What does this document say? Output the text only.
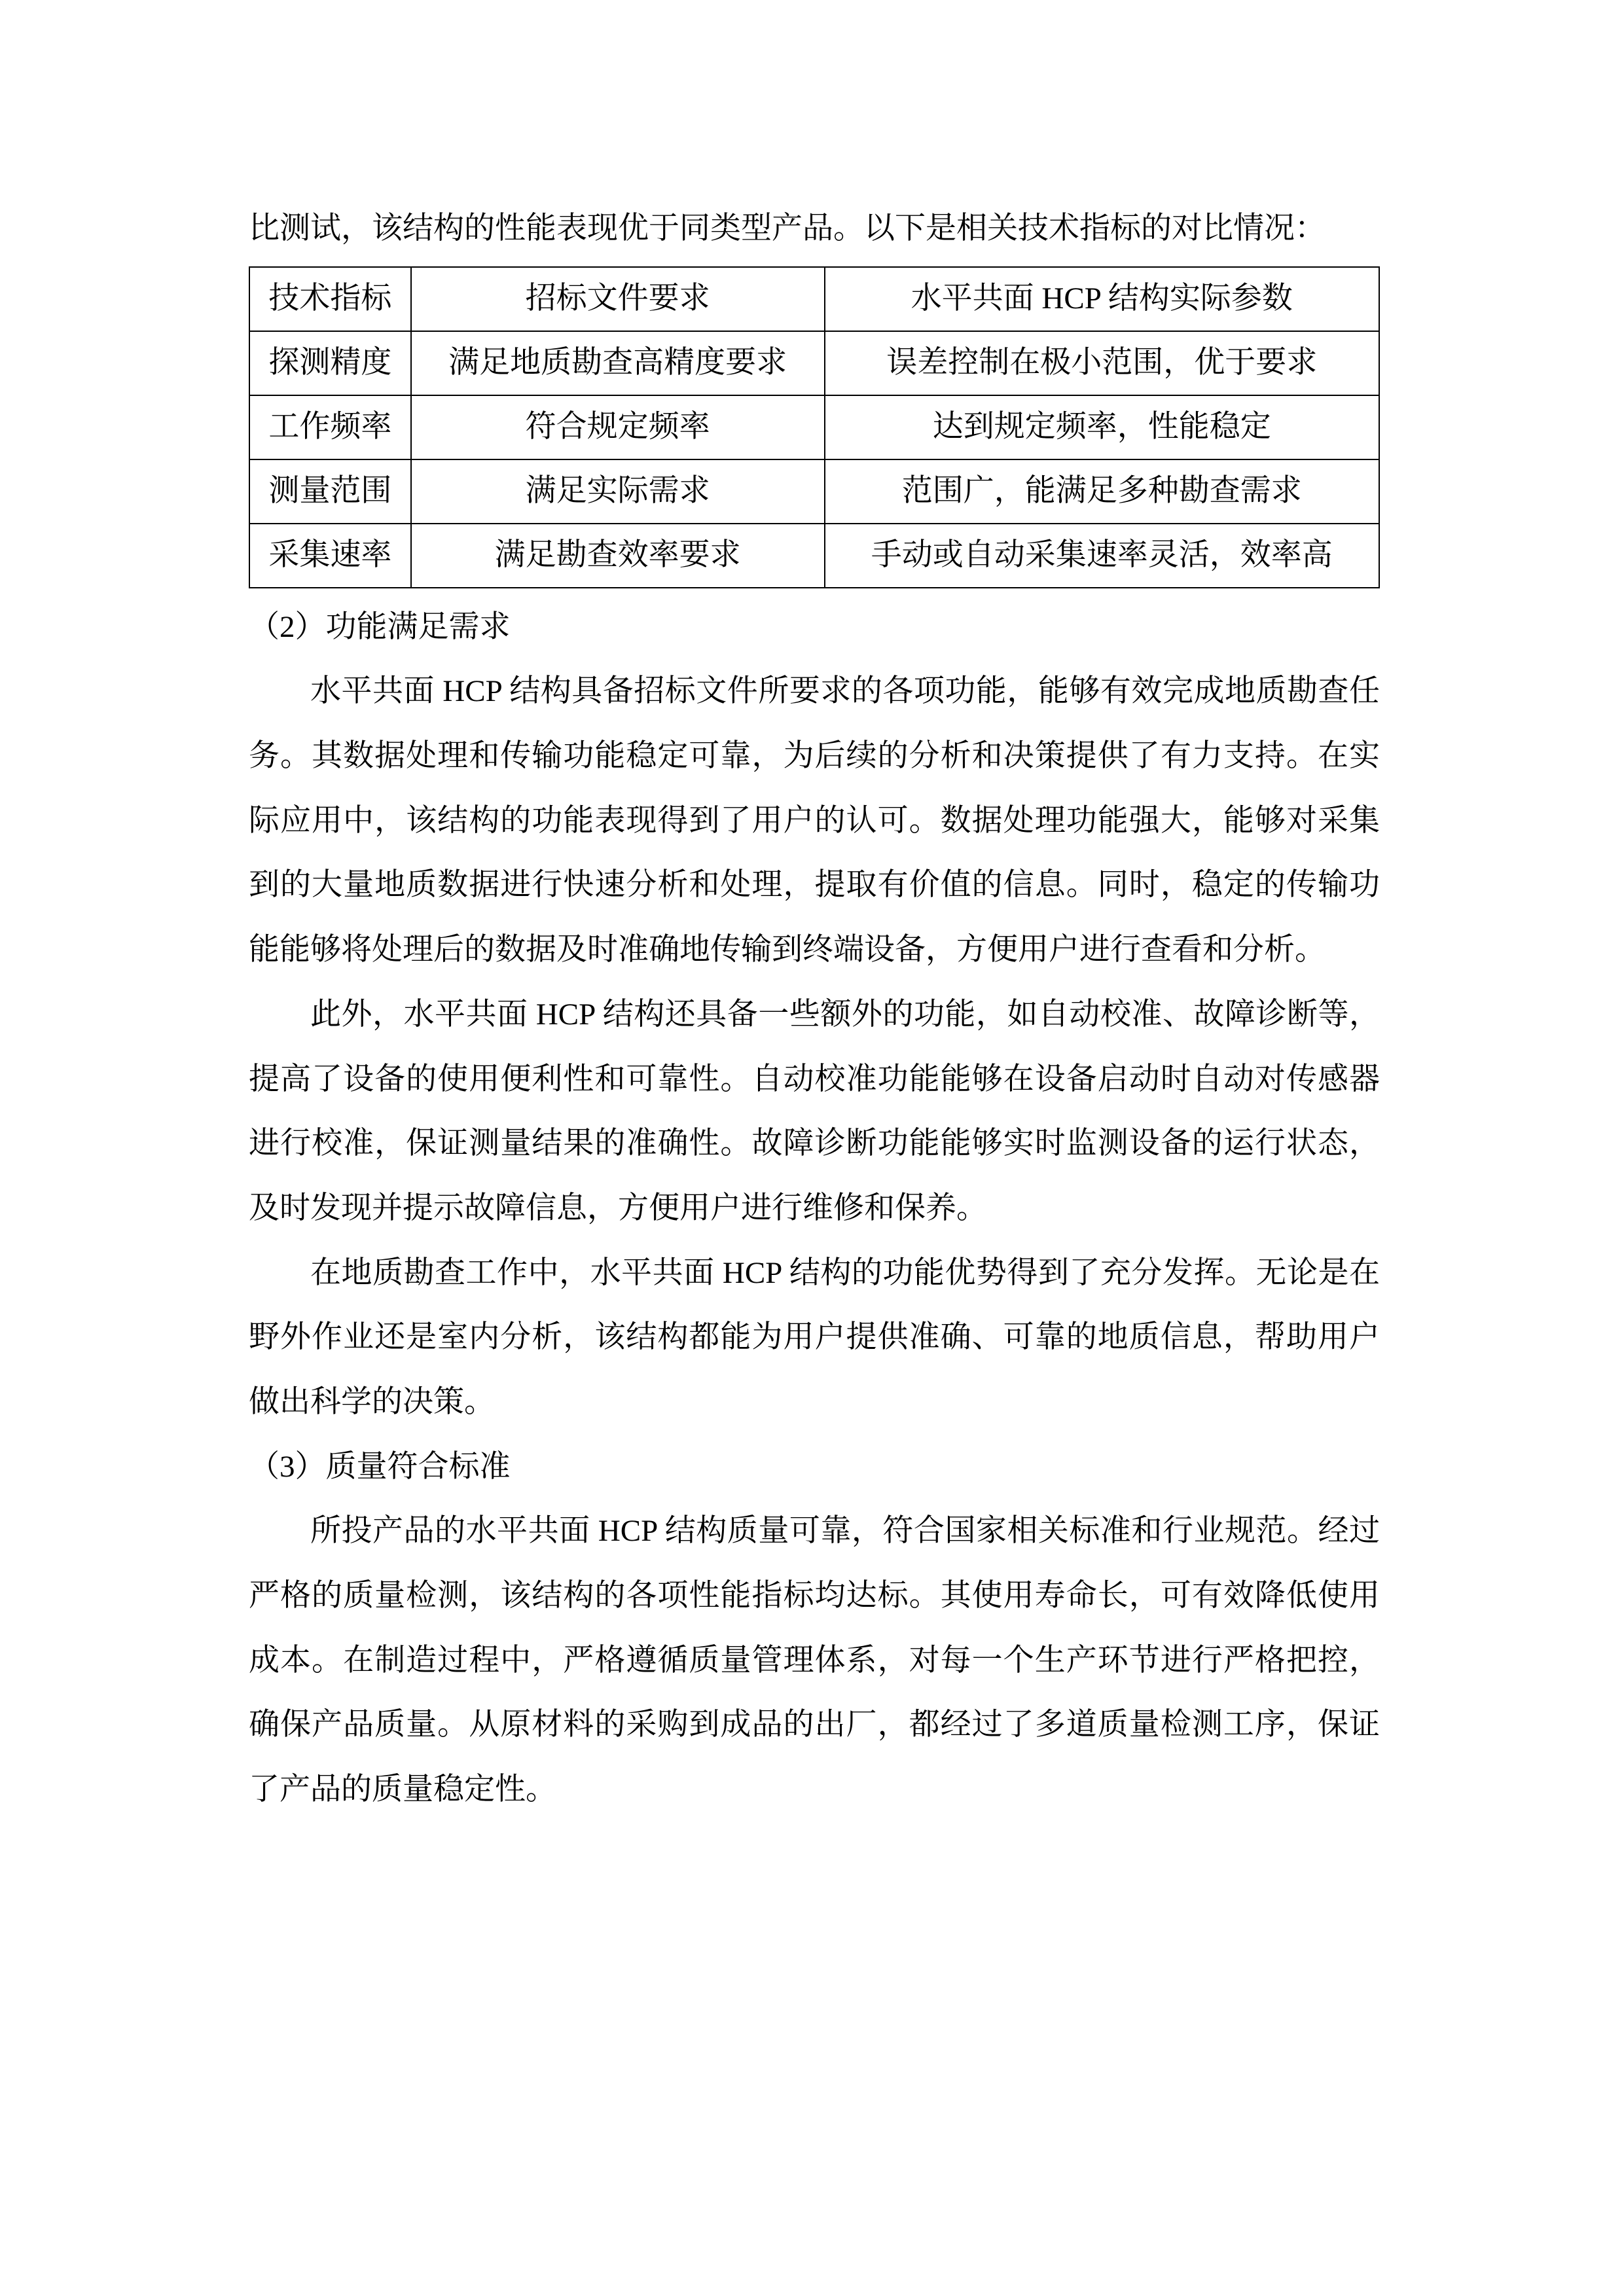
比测试，该结构的性能表现优于同类型产品。以下是相关技术指标的对比情况：

技术指标	招标文件要求	水平共面 HCP 结构实际参数
探测精度	满足地质勘查高精度要求	误差控制在极小范围，优于要求
工作频率	符合规定频率	达到规定频率，性能稳定
测量范围	满足实际需求	范围广，能满足多种勘查需求
采集速率	满足勘查效率要求	手动或自动采集速率灵活，效率高

（2）功能满足需求

水平共面 HCP 结构具备招标文件所要求的各项功能，能够有效完成地质勘查任务。其数据处理和传输功能稳定可靠，为后续的分析和决策提供了有力支持。在实际应用中，该结构的功能表现得到了用户的认可。数据处理功能强大，能够对采集到的大量地质数据进行快速分析和处理，提取有价值的信息。同时，稳定的传输功能能够将处理后的数据及时准确地传输到终端设备，方便用户进行查看和分析。

此外，水平共面 HCP 结构还具备一些额外的功能，如自动校准、故障诊断等，提高了设备的使用便利性和可靠性。自动校准功能能够在设备启动时自动对传感器进行校准，保证测量结果的准确性。故障诊断功能能够实时监测设备的运行状态，及时发现并提示故障信息，方便用户进行维修和保养。

在地质勘查工作中，水平共面 HCP 结构的功能优势得到了充分发挥。无论是在野外作业还是室内分析，该结构都能为用户提供准确、可靠的地质信息，帮助用户做出科学的决策。

（3）质量符合标准

所投产品的水平共面 HCP 结构质量可靠，符合国家相关标准和行业规范。经过严格的质量检测，该结构的各项性能指标均达标。其使用寿命长，可有效降低使用成本。在制造过程中，严格遵循质量管理体系，对每一个生产环节进行严格把控，确保产品质量。从原材料的采购到成品的出厂，都经过了多道质量检测工序，保证了产品的质量稳定性。
